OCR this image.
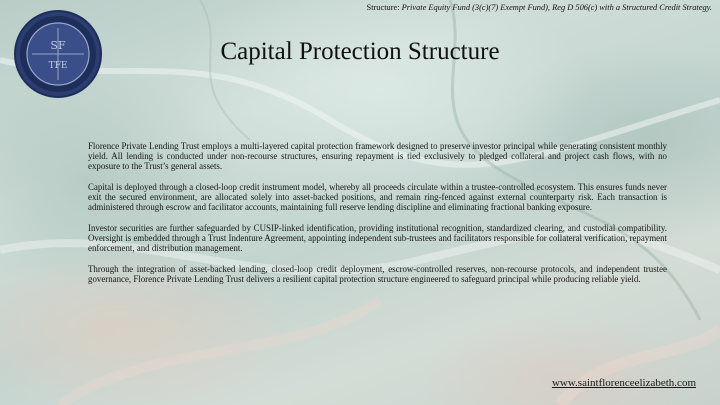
Structure: Private Equity Fund (3(c)(7) Exempt Fund), Reg D 506(c) with a Structured Credit Strategy.
SF
TFE
Capital Protection Structure

Florence Private Lending Trust employs a multi-layered capital protection framework designed to preserve investor principal while generating consistent monthly yield. All lending is conducted under non-recourse structures, ensuring repayment is tied exclusively to pledged collateral and project cash flows, with no exposure to the Trust’s general assets.

Capital is deployed through a closed-loop credit instrument model, whereby all proceeds circulate within a trustee-controlled ecosystem. This ensures funds never exit the secured environment, are allocated solely into asset-backed positions, and remain ring-fenced against external counterparty risk. Each transaction is administered through escrow and facilitator accounts, maintaining full reserve lending discipline and eliminating fractional banking exposure.

Investor securities are further safeguarded by CUSIP-linked identification, providing institutional recognition, standardized clearing, and custodial compatibility. Oversight is embedded through a Trust Indenture Agreement, appointing independent sub-trustees and facilitators responsible for collateral verification, repayment enforcement, and distribution management.

Through the integration of asset-backed lending, closed-loop credit deployment, escrow-controlled reserves, non-recourse protocols, and independent trustee governance, Florence Private Lending Trust delivers a resilient capital protection structure engineered to safeguard principal while producing reliable yield.

www.saintflorenceelizabeth.com
